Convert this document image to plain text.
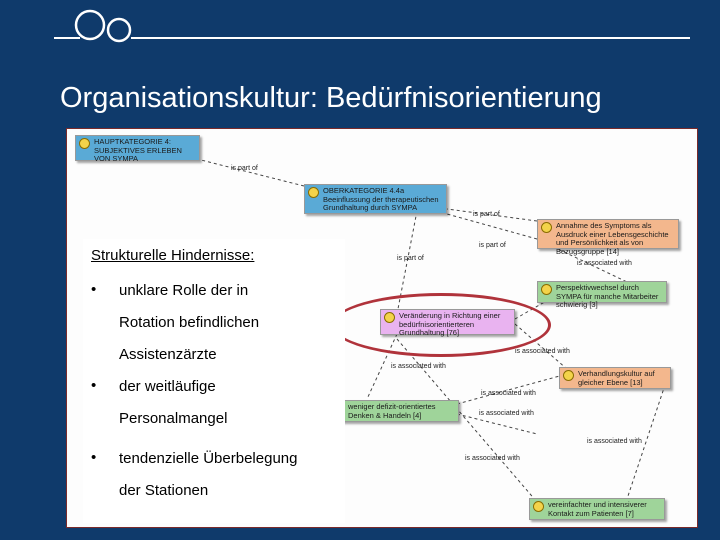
Organisationskultur: Bedürfnisorientierung
HAUPTKATEGORIE 4: SUBJEKTIVES ERLEBEN VON SYMPA
OBERKATEGORIE 4.4a Beeinflussung der therapeutischen Grundhaltung durch SYMPA
Annahme des Symptoms als Ausdruck einer Lebensgeschichte und Persönlichkeit als von Bezugsgruppe [14]
Perspektivwechsel durch SYMPA für manche Mitarbeiter schwierig [3]
Veränderung in Richtung einer bedürfnisorientierteren Grundhaltung [76]
Verhandlungskultur auf gleicher Ebene [13]
weniger defizit-orientiertes Denken & Handeln [4]
vereinfachter und intensiverer Kontakt zum Patienten [7]
is part of
is part of
is part of
is part of
is associated with
is associated with
is associated with
is associated with
is associated with
is associated with
is associated with
Strukturelle Hindernisse:
• unklare Rolle der in
Rotation befindlichen
Assistenzärzte
• der weitläufige
Personalmangel
• tendenzielle Überbelegung
der Stationen
